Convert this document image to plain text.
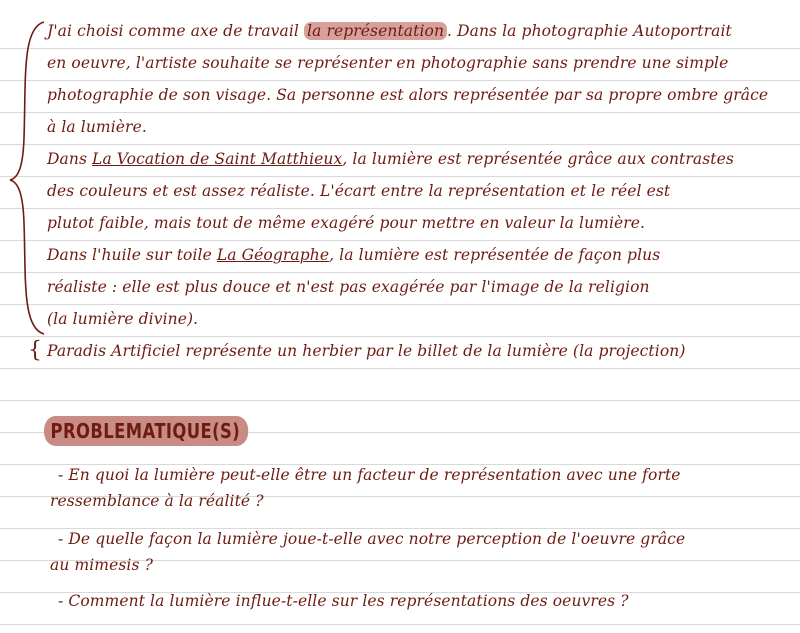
J'ai choisi comme axe de travail la représentation . Dans la photographie Autoportrait
en oeuvre, l'artiste souhaite se représenter en photographie sans prendre une simple
photographie de son visage. Sa personne est alors représentée par sa propre ombre grâce
à la lumière.
Dans La Vocation de Saint Matthieux, la lumière est représentée grâce aux contrastes
des couleurs et est assez réaliste. L'écart entre la représentation et le réel est
plutot faible, mais tout de même exagéré pour mettre en valeur la lumière.
Dans l'huile sur toile La Géographe, la lumière est représentée de façon plus
réaliste : elle est plus douce et n'est pas exagérée par l'image de la religion
(la lumière divine).
{ Paradis Artificiel représente un herbier par le billet de la lumière (la projection)
PROBLEMATIQUE(S)
- En quoi la lumière peut-elle être un facteur de représentation avec une forte
ressemblance à la réalité ?
- De quelle façon la lumière joue-t-elle avec notre perception de l'oeuvre grâce
au mimesis ?
- Comment la lumière influe-t-elle sur les représentations des oeuvres ?
